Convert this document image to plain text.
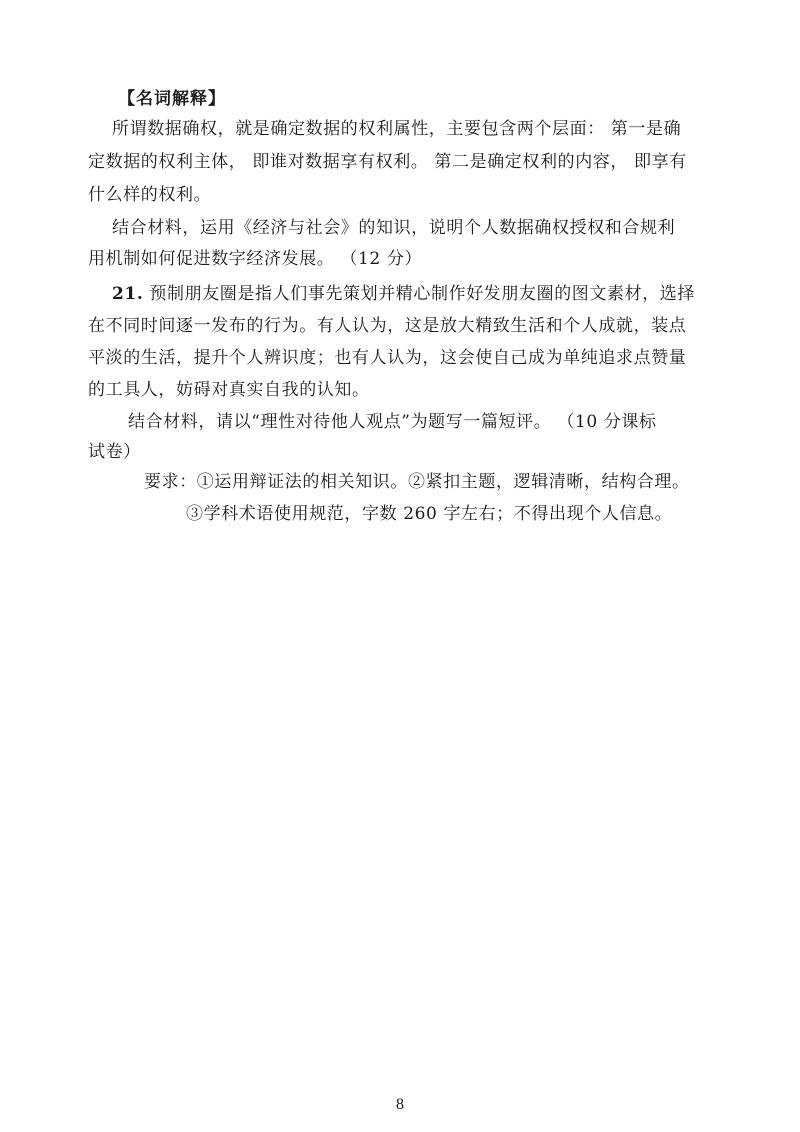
【名词解释】
所谓数据确权，就是确定数据的权利属性，主要包含两个层面： 第一是确
定数据的权利主体， 即谁对数据享有权利。 第二是确定权利的内容， 即享有
什么样的权利。
结合材料，运用《经济与社会》的知识，说明个人数据确权授权和合规利
用机制如何促进数字经济发展。 （12 分）
21. 预制朋友圈是指人们事先策划并精心制作好发朋友圈的图文素材，选择
在不同时间逐一发布的行为。有人认为，这是放大精致生活和个人成就，装点
平淡的生活，提升个人辨识度；也有人认为，这会使自己成为单纯追求点赞量
的工具人，妨碍对真实自我的认知。
结合材料，请以“理性对待他人观点”为题写一篇短评。 （10 分课标
试卷）
要求：①运用辩证法的相关知识。②紧扣主题，逻辑清晰，结构合理。
③学科术语使用规范，字数 260 字左右；不得出现个人信息。
8
